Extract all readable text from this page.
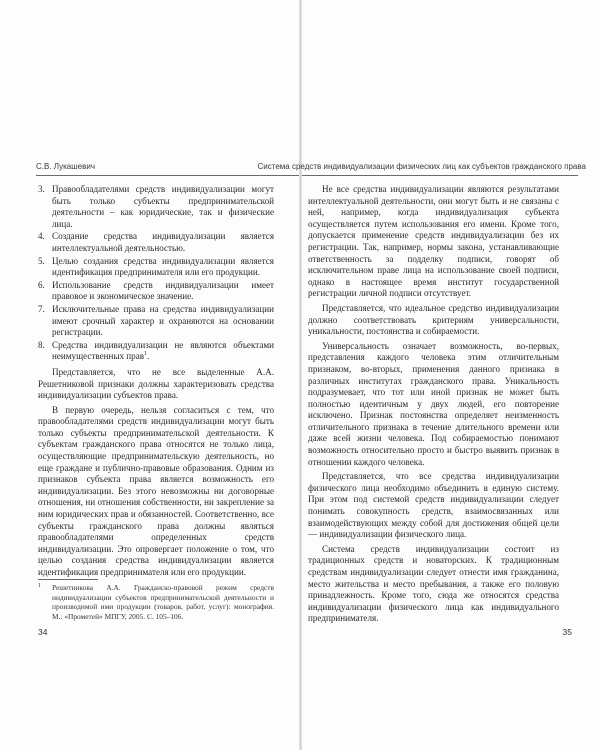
С.В. Лукашевич
3. Правообладателями средств индивидуализации могут быть только субъекты предпринимательской деятельности – как юридические, так и физические лица.
4. Создание средства индивидуализации является интеллектуальной деятельностью.
5. Целью создания средства индивидуализации является идентификация предпринимателя или его продукции.
6. Использование средств индивидуализации имеет правовое и экономическое значение.
7. Исключительные права на средства индивидуализации имеют срочный характер и охраняются на основании регистрации.
8. Средства индивидуализации не являются объектами неимущественных прав$^1$.

Представляется, что не все выделенные А.А. Решетниковой признаки должны характеризовать средства индивидуализации субъектов права.

В первую очередь, нельзя согласиться с тем, что правообладателями средств индивидуализации могут быть только субъекты предпринимательской деятельности. К субъектам гражданского права относятся не только лица, осуществляющие предпринимательскую деятельность, но еще граждане и публично-правовые образования. Одним из признаков субъекта права является возможность его индивидуализации. Без этого невозможны ни договорные отношения, ни отношения собственности, ни закрепление за ним юридических прав и обязанностей. Соответственно, все субъекты гражданского права должны являться правообладателями определенных средств индивидуализации. Это опровергает положение о том, что целью создания средства индивидуализации является идентификация предпринимателя или его продукции.

1	Решетникова А.А. Гражданско-правовой режим средств индивидуализации субъектов предпринимательской деятельности и производимой ими продукции (товаров, работ, услуг): монография. М.: «Прометей» МПГУ, 2005. С. 105–106.
34
Система средств индивидуализации физических лиц как субъектов гражданского права

Не все средства индивидуализации являются результатами интеллектуальной деятельности, они могут быть и не связаны с ней, например, когда индивидуализация субъекта осуществляется путем использования его имени. Кроме того, допускается применение средств индивидуализации без их регистрации. Так, например, нормы закона, устанавливающие ответственность за подделку подписи, говорят об исключительном праве лица на использование своей подписи, однако в настоящее время институт государственной регистрации личной подписи отсутствует.

Представляется, что идеальное средство индивидуализации должно соответствовать критериям универсальности, уникальности, постоянства и собираемости.

Универсальность означает возможность, во-первых, представления каждого человека этим отличительным признаком, во-вторых, применения данного признака в различных институтах гражданского права. Уникальность подразумевает, что тот или иной признак не может быть полностью идентичным у двух людей, его повторение исключено. Признак постоянства определяет неизменность отличительного признака в течение длительного времени или даже всей жизни человека. Под собираемостью понимают возможность относительно просто и быстро выявить признак в отношении каждого человека.

Представляется, что все средства индивидуализации физического лица необходимо объединить в единую систему. При этом под системой средств индивидуализации следует понимать совокупность средств, взаимосвязанных или взаимодействующих между собой для достижения общей цели — индивидуализации физического лица.

Система средств индивидуализации состоит из традиционных средств и новаторских. К традиционным средствам индивидуализации следует отнести имя гражданина, место жительства и место пребывания, а также его половую принадлежность. Кроме того, сюда же относятся средства индивидуализации физического лица как индивидуального предпринимателя.

35
